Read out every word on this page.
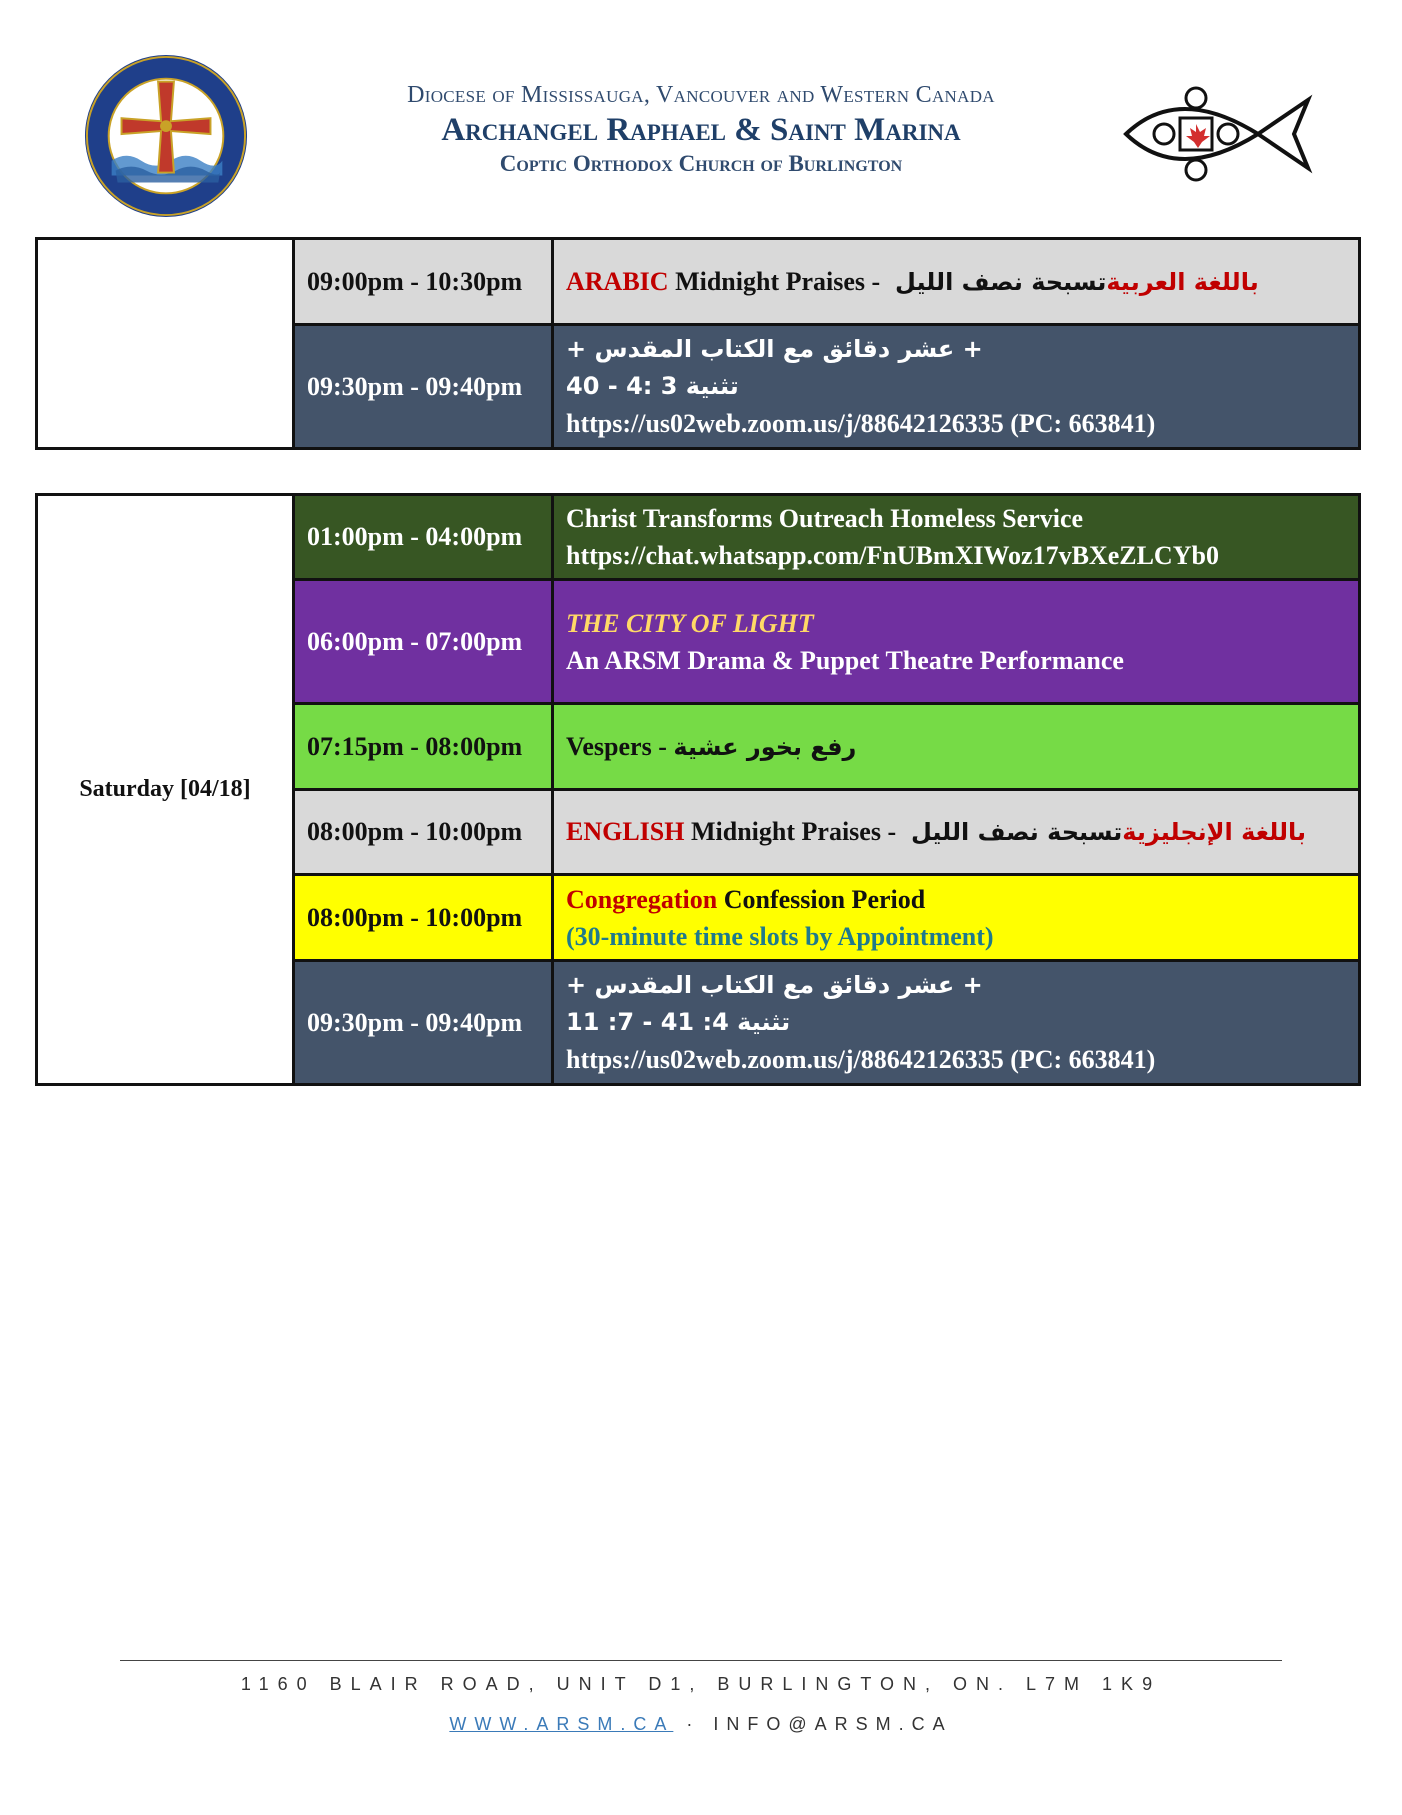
Diocese of Mississauga, Vancouver and Western Canada
Archangel Raphael & Saint Marina
Coptic Orthodox Church of Burlington
	09:00pm - 10:30pm	ARABIC Midnight Praises - تسبحة نصف الليل باللغة العربية
	09:30pm - 09:40pm	+ عشر دقائق مع الكتاب المقدس +
تثنية 3 :4 - 40
https://us02web.zoom.us/j/88642126335 (PC: 663841)
Saturday [04/18]	01:00pm - 04:00pm	Christ Transforms Outreach Homeless Service
https://chat.whatsapp.com/FnUBmXIWoz17vBXeZLCYb0

	06:00pm - 07:00pm	THE CITY OF LIGHT
An ARSM Drama & Puppet Theatre Performance

	07:15pm - 08:00pm	Vespers - رفع بخور عشية
	08:00pm - 10:00pm	ENGLISH Midnight Praises - تسبحة نصف الليل باللغة الإنجليزية
	08:00pm - 10:00pm	Congregation Confession Period
(30-minute time slots by Appointment)

	09:30pm - 09:40pm	+ عشر دقائق مع الكتاب المقدس +
تثنية 4: 41 - 7: 11
https://us02web.zoom.us/j/88642126335 (PC: 663841)
1160 BLAIR ROAD, UNIT D1, BURLINGTON, ON. L7M 1K9
WWW.ARSM.CA · INFO@ARSM.CA
